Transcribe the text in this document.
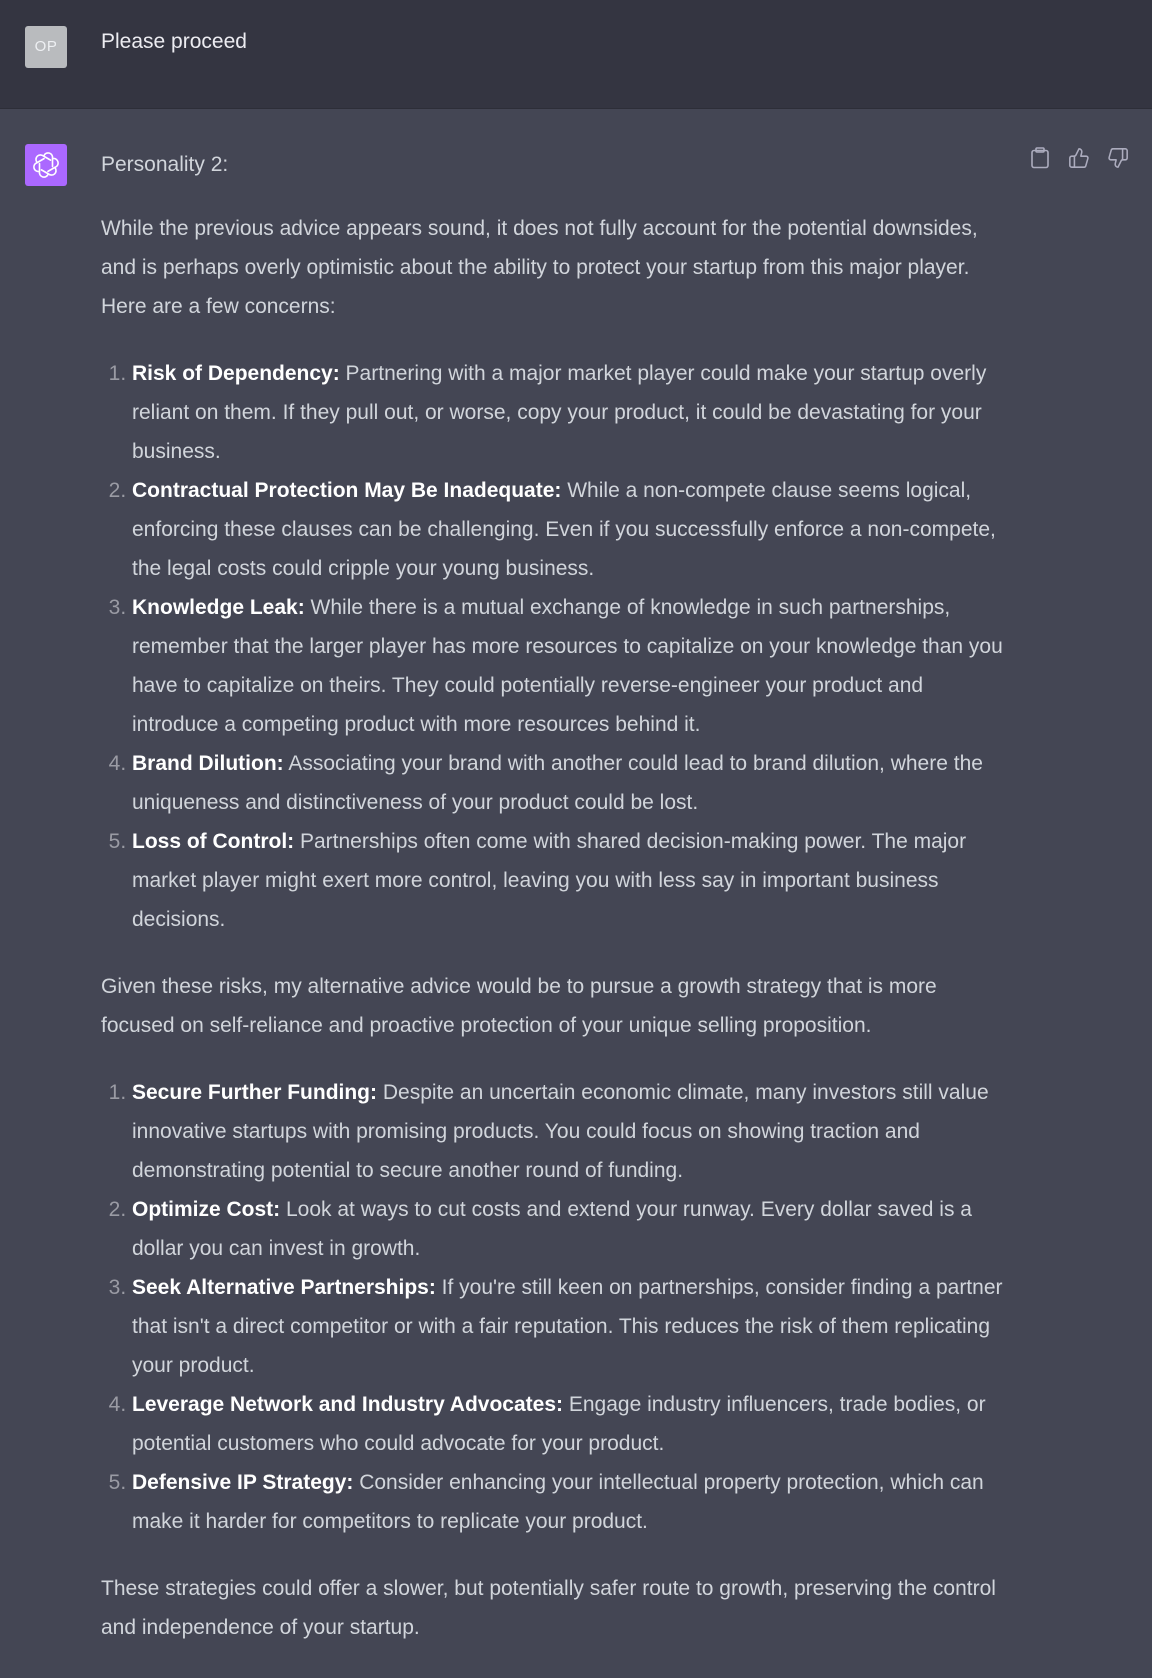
OP	Please proceed

Personality 2:

While the previous advice appears sound, it does not fully account for the potential downsides, and is perhaps overly optimistic about the ability to protect your startup from this major player. Here are a few concerns:

1. Risk of Dependency: Partnering with a major market player could make your startup overly reliant on them. If they pull out, or worse, copy your product, it could be devastating for your business.
2. Contractual Protection May Be Inadequate: While a non-compete clause seems logical, enforcing these clauses can be challenging. Even if you successfully enforce a non-compete, the legal costs could cripple your young business.
3. Knowledge Leak: While there is a mutual exchange of knowledge in such partnerships, remember that the larger player has more resources to capitalize on your knowledge than you have to capitalize on theirs. They could potentially reverse-engineer your product and introduce a competing product with more resources behind it.
4. Brand Dilution: Associating your brand with another could lead to brand dilution, where the uniqueness and distinctiveness of your product could be lost.
5. Loss of Control: Partnerships often come with shared decision-making power. The major market player might exert more control, leaving you with less say in important business decisions.

Given these risks, my alternative advice would be to pursue a growth strategy that is more focused on self-reliance and proactive protection of your unique selling proposition.

1. Secure Further Funding: Despite an uncertain economic climate, many investors still value innovative startups with promising products. You could focus on showing traction and demonstrating potential to secure another round of funding.
2. Optimize Cost: Look at ways to cut costs and extend your runway. Every dollar saved is a dollar you can invest in growth.
3. Seek Alternative Partnerships: If you're still keen on partnerships, consider finding a partner that isn't a direct competitor or with a fair reputation. This reduces the risk of them replicating your product.
4. Leverage Network and Industry Advocates: Engage industry influencers, trade bodies, or potential customers who could advocate for your product.
5. Defensive IP Strategy: Consider enhancing your intellectual property protection, which can make it harder for competitors to replicate your product.

These strategies could offer a slower, but potentially safer route to growth, preserving the control and independence of your startup.
